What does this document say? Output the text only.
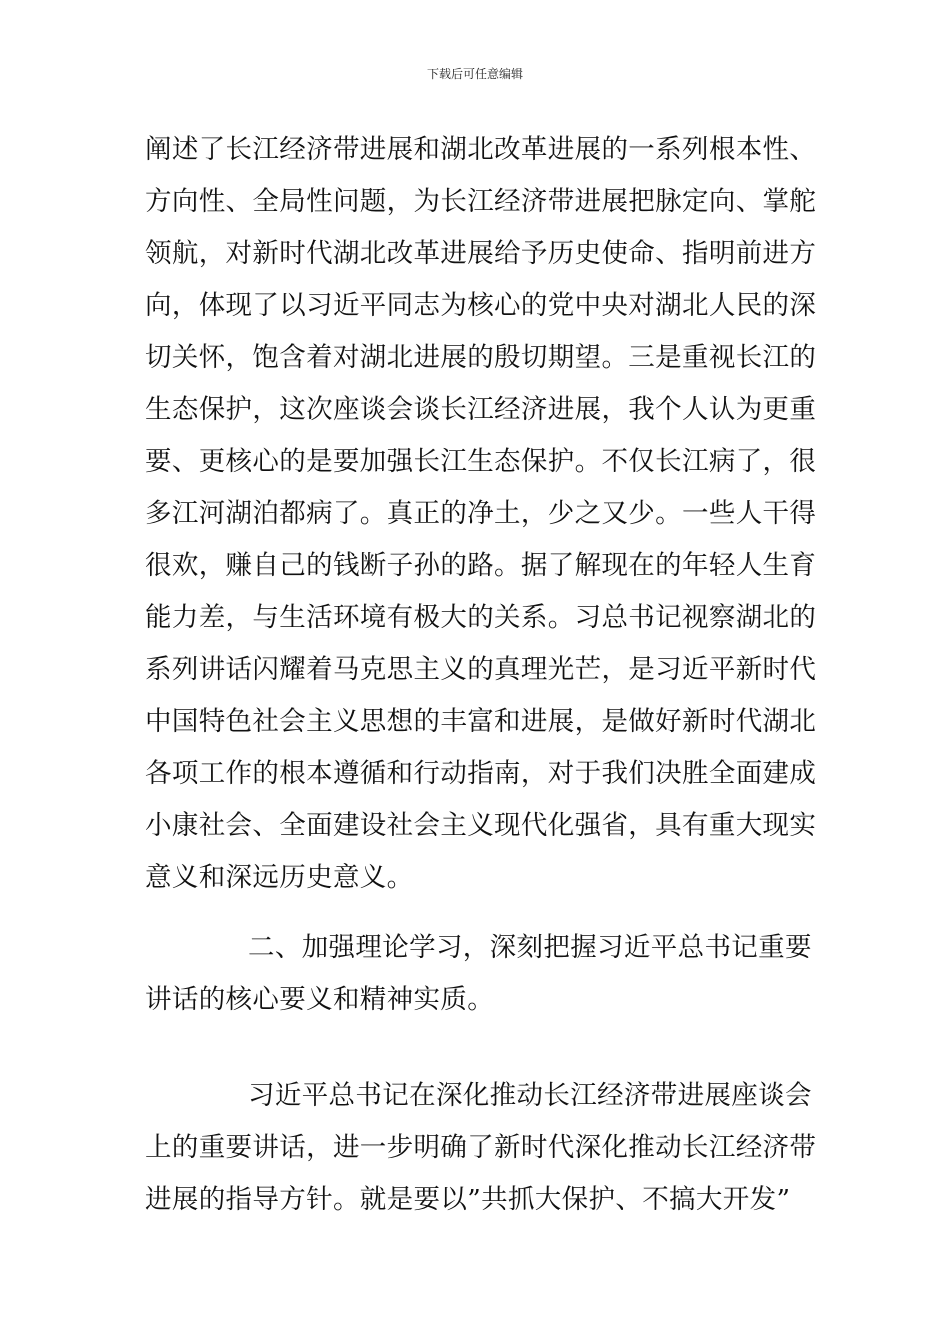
下载后可任意编辑
阐述了长江经济带进展和湖北改革进展的一系列根本性、
方向性、全局性问题，为长江经济带进展把脉定向、掌舵
领航，对新时代湖北改革进展给予历史使命、指明前进方
向，体现了以习近平同志为核心的党中央对湖北人民的深
切关怀，饱含着对湖北进展的殷切期望。三是重视长江的
生态保护，这次座谈会谈长江经济进展，我个人认为更重
要、更核心的是要加强长江生态保护。不仅长江病了，很
多江河湖泊都病了。真正的净土，少之又少。一些人干得
很欢，赚自己的钱断子孙的路。据了解现在的年轻人生育
能力差，与生活环境有极大的关系。习总书记视察湖北的
系列讲话闪耀着马克思主义的真理光芒，是习近平新时代
中国特色社会主义思想的丰富和进展，是做好新时代湖北
各项工作的根本遵循和行动指南，对于我们决胜全面建成
小康社会、全面建设社会主义现代化强省，具有重大现实
意义和深远历史意义。
二、加强理论学习，深刻把握习近平总书记重要
讲话的核心要义和精神实质。
习近平总书记在深化推动长江经济带进展座谈会
上的重要讲话，进一步明确了新时代深化推动长江经济带
进展的指导方针。就是要以”共抓大保护、不搞大开发”
